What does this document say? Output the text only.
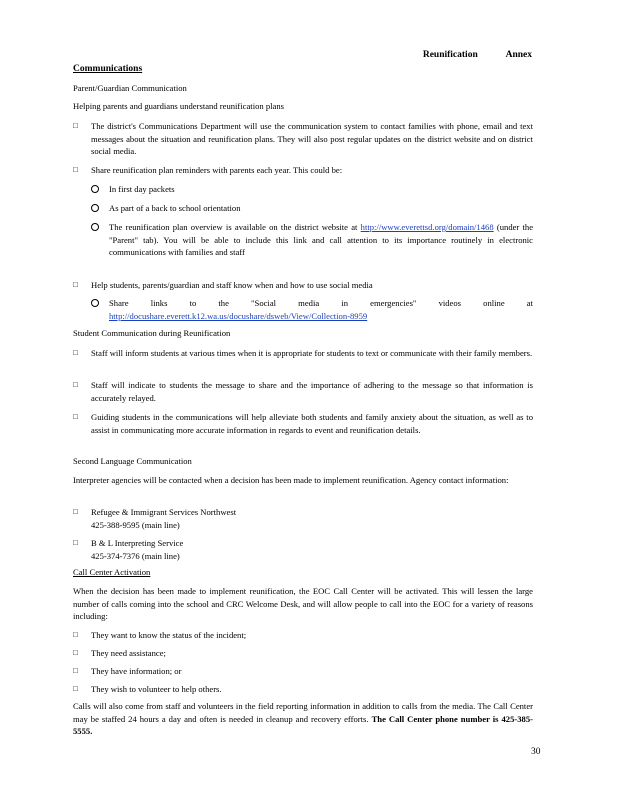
Reunification	Annex
Communications
Parent/Guardian Communication
Helping parents and guardians understand reunification plans
□ The district's Communications Department will use the communication system to contact families with phone, email and text messages about the situation and reunification plans. They will also post regular updates on the district website and on district social media.
□ Share reunification plan reminders with parents each year. This could be:
In first day packets
As part of a back to school orientation
The reunification plan overview is available on the district website at http://www.everettsd.org/domain/1468 (under the "Parent" tab). You will be able to include this link and call attention to its importance routinely in electronic communications with families and staff
□ Help students, parents/guardian and staff know when and how to use social media
Share links to the "Social media in emergencies" videos online at http://docushare.everett.k12.wa.us/docushare/dsweb/View/Collection-8959
Student Communication during Reunification
□ Staff will inform students at various times when it is appropriate for students to text or communicate with their family members.
□ Staff will indicate to students the message to share and the importance of adhering to the message so that information is accurately relayed.
□ Guiding students in the communications will help alleviate both students and family anxiety about the situation, as well as to assist in communicating more accurate information in regards to event and reunification details.
Second Language Communication
Interpreter agencies will be contacted when a decision has been made to implement reunification. Agency contact information:
□ Refugee & Immigrant Services Northwest
425-388-9595 (main line)
□ B & L Interpreting Service
425-374-7376 (main line)
Call Center Activation
When the decision has been made to implement reunification, the EOC Call Center will be activated. This will lessen the large number of calls coming into the school and CRC Welcome Desk, and will allow people to call into the EOC for a variety of reasons including:
□ They want to know the status of the incident;
□ They need assistance;
□ They have information; or
□ They wish to volunteer to help others.
Calls will also come from staff and volunteers in the field reporting information in addition to calls from the media. The Call Center may be staffed 24 hours a day and often is needed in cleanup and recovery efforts. The Call Center phone number is 425-385-5555.
30
